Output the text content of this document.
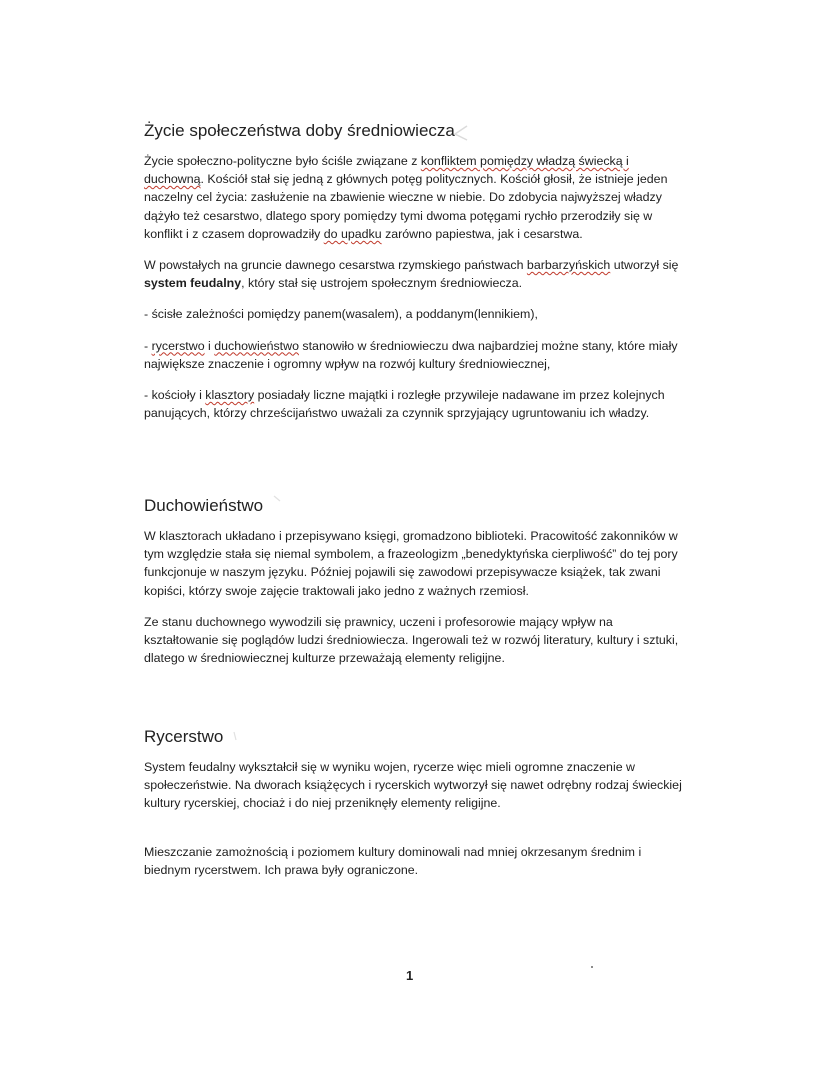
Życie społeczeństwa doby średniowiecza

Życie społeczno-polityczne było ściśle związane z konfliktem pomiędzy władzą świecką i duchowną. Kościół stał się jedną z głównych potęg politycznych. Kościół głosił, że istnieje jeden naczelny cel życia: zasłużenie na zbawienie wieczne w niebie. Do zdobycia najwyższej władzy dążyło też cesarstwo, dlatego spory pomiędzy tymi dwoma potęgami rychło przerodziły się w konflikt i z czasem doprowadziły do upadku zarówno papiestwa, jak i cesarstwa.

W powstałych na gruncie dawnego cesarstwa rzymskiego państwach barbarzyńskich utworzył się system feudalny, który stał się ustrojem społecznym średniowiecza.

- ścisłe zależności pomiędzy panem(wasalem), a poddanym(lennikiem),

- rycerstwo i duchowieństwo stanowiło w średniowieczu dwa najbardziej możne stany, które miały największe znaczenie i ogromny wpływ na rozwój kultury średniowiecznej,

- kościoły i klasztory posiadały liczne majątki i rozległe przywileje nadawane im przez kolejnych panujących, którzy chrześcijaństwo uważali za czynnik sprzyjający ugruntowaniu ich władzy.

Duchowieństwo

W klasztorach układano i przepisywano księgi, gromadzono biblioteki. Pracowitość zakonników w tym względzie stała się niemal symbolem, a frazeologizm „benedyktyńska cierpliwość” do tej pory funkcjonuje w naszym języku. Później pojawili się zawodowi przepisywacze książek, tak zwani kopiści, którzy swoje zajęcie traktowali jako jedno z ważnych rzemiosł.

Ze stanu duchownego wywodzili się prawnicy, uczeni i profesorowie mający wpływ na kształtowanie się poglądów ludzi średniowiecza. Ingerowali też w rozwój literatury, kultury i sztuki, dlatego w średniowiecznej kulturze przeważają elementy religijne.

Rycerstwo

System feudalny wykształcił się w wyniku wojen, rycerze więc mieli ogromne znaczenie w społeczeństwie. Na dworach książęcych i rycerskich wytworzył się nawet odrębny rodzaj świeckiej kultury rycerskiej, chociaż i do niej przeniknęły elementy religijne.

Mieszczanie zamożnością i poziomem kultury dominowali nad mniej okrzesanym średnim i biednym rycerstwem. Ich prawa były ograniczone.

1
